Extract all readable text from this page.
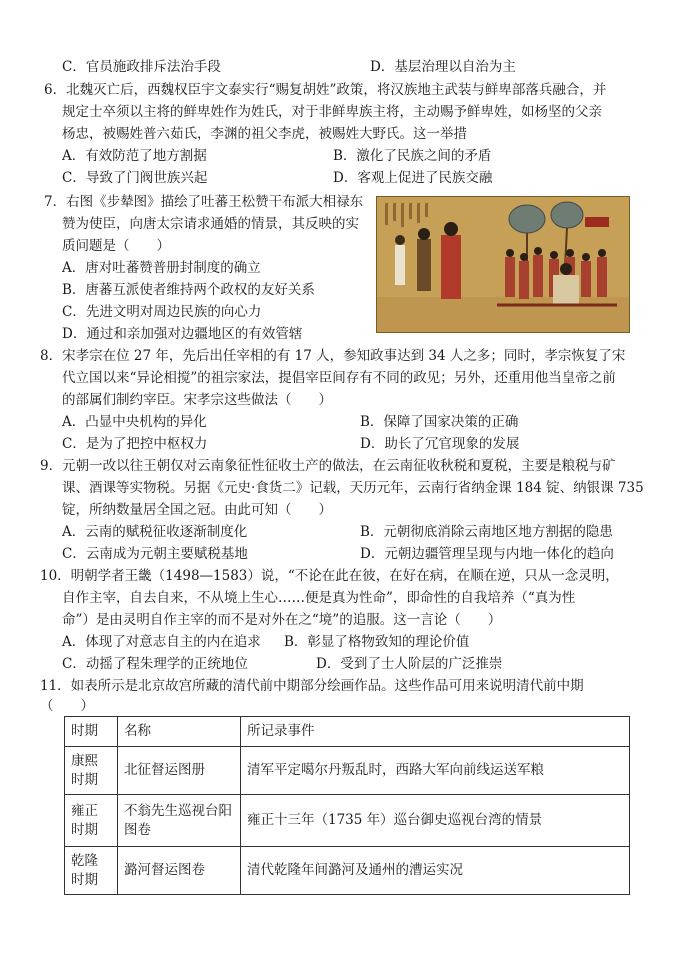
C．官员施政排斥法治手段	D．基层治理以自治为主
6．北魏灭亡后，西魏权臣宇文泰实行“赐复胡姓”政策，将汉族地主武装与鲜卑部落兵融合，并
规定士卒须以主将的鲜卑姓作为姓氏，对于非鲜卑族主将，主动赐予鲜卑姓，如杨坚的父亲
杨忠，被赐姓普六茹氏，李渊的祖父李虎，被赐姓大野氏。这一举措
A．有效防范了地方割据	B．激化了民族之间的矛盾
C．导致了门阀世族兴起	D．客观上促进了民族交融
7．右图《步辇图》描绘了吐蕃王松赞干布派大相禄东
赞为使臣，向唐太宗请求通婚的情景，其反映的实
质问题是（　　）
A．唐对吐蕃赞普册封制度的确立
B．唐蕃互派使者维持两个政权的友好关系
C．先进文明对周边民族的向心力
D．通过和亲加强对边疆地区的有效管辖
8．宋孝宗在位 27 年，先后出任宰相的有 17 人，参知政事达到 34 人之多；同时，孝宗恢复了宋
代立国以来“异论相搅”的祖宗家法，提倡宰臣间存有不同的政见；另外，还重用他当皇帝之前
的部属们制约宰臣。宋孝宗这些做法（　　）
A．凸显中央机构的异化	B．保障了国家决策的正确
C．是为了把控中枢权力	D．助长了冗官现象的发展
9．元朝一改以往王朝仅对云南象征性征收土产的做法，在云南征收秋税和夏税，主要是粮税与矿
课、酒课等实物税。另据《元史·食货二》记载，天历元年，云南行省纳金课 184 锭、纳银课 735
锭，所纳数量居全国之冠。由此可知（　　）
A．云南的赋税征收逐渐制度化	B．元朝彻底消除云南地区地方割据的隐患
C．云南成为元朝主要赋税基地	D．元朝边疆管理呈现与内地一体化的趋向
10．明朝学者王畿（1498—1583）说，“不论在此在彼，在好在病，在顺在逆，只从一念灵明，
自作主宰，自去自来，不从境上生心……便是真为性命”，即命性的自我培养（“真为性
命”）是由灵明自作主宰的而不是对外在之“境”的追服。这一言论（　　）
A．体现了对意志自主的内在追求 B．彰显了格物致知的理论价值
C．动摇了程朱理学的正统地位	D．受到了士人阶层的广泛推崇
11．如表所示是北京故宫所藏的清代前中期部分绘画作品。这些作品可用来说明清代前中期
（　　）
时期	名称	所记录事件
康熙时期	北征督运图册	清军平定噶尔丹叛乱时，西路大军向前线运送军粮
雍正时期	不翁先生巡视台阳图卷	雍正十三年（1735 年）巡台御史巡视台湾的情景
乾隆时期	潞河督运图卷	清代乾隆年间潞河及通州的漕运实况
